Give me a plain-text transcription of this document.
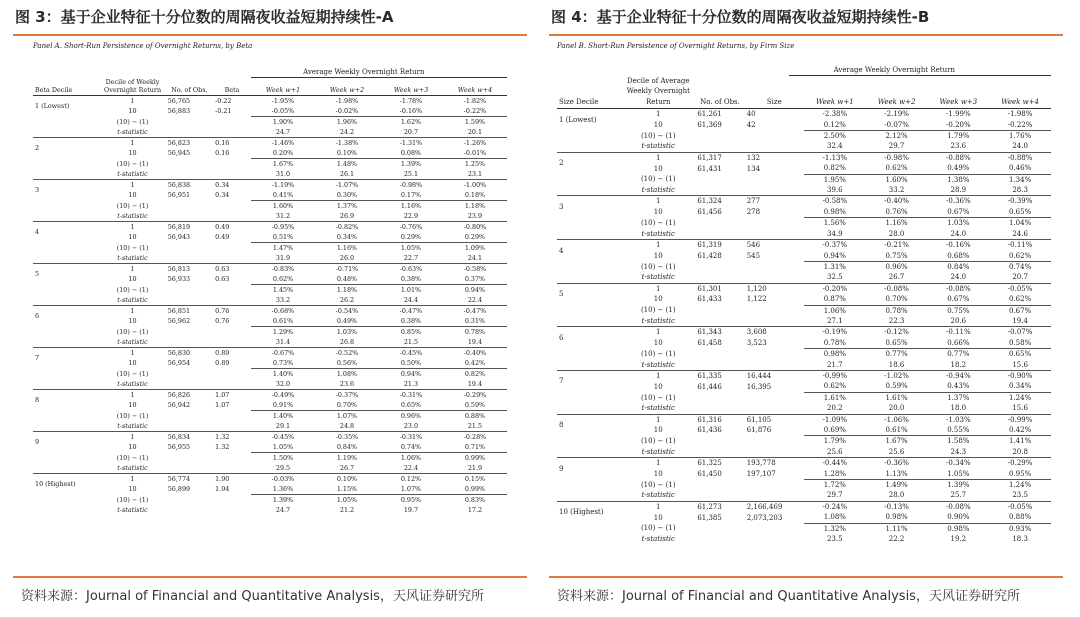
图 3：基于企业特征十分位数的周隔夜收益短期持续性-A
Panel A. Short-Run Persistence of Overnight Returns, by Beta
Average Weekly Overnight Return
Beta Decile	Decile of Weekly Overnight Return	No. of Obs.	Beta	Week w+1	Week w+2	Week w+3	Week w+4
1 (Lowest)	1	56,765	-0.22	-1.95%	-1.98%	-1.78%	-1.82%
	10	56,883	-0.21	-0.05%	-0.02%	-0.16%	-0.22%
	(10) − (1)			1.90%	1.96%	1.62%	1.59%
	t-statistic			24.7	24.2	20.7	20.1
2	1	56,823	0.16	-1.46%	-1.38%	-1.31%	-1.26%
	10	56,945	0.16	0.20%	0.10%	0.08%	-0.01%
	(10) − (1)			1.67%	1.48%	1.39%	1.25%
	t-statistic			31.0	26.1	25.1	23.1
3	1	56,838	0.34	-1.19%	-1.07%	-0.98%	-1.00%
	10	56,951	0.34	0.41%	0.30%	0.17%	0.18%
	(10) − (1)			1.60%	1.37%	1.16%	1.18%
	t-statistic			31.2	26.9	22.9	23.9
4	1	56,819	0.49	-0.95%	-0.82%	-0.76%	-0.80%
	10	56,943	0.49	0.51%	0.34%	0.29%	0.29%
	(10) − (1)			1.47%	1.16%	1.05%	1.09%
	t-statistic			31.9	26.0	22.7	24.1
5	1	56,813	0.63	-0.83%	-0.71%	-0.63%	-0.58%
	10	56,933	0.63	0.62%	0.48%	0.38%	0.37%
	(10) − (1)			1.45%	1.18%	1.01%	0.94%
	t-statistic			33.2	26.2	24.4	22.4
6	1	56,851	0.76	-0.68%	-0.54%	-0.47%	-0.47%
	10	56,962	0.76	0.61%	0.49%	0.38%	0.31%
	(10) − (1)			1.29%	1.03%	0.85%	0.78%
	t-statistic			31.4	26.8	21.5	19.4
7	1	56,830	0.89	-0.67%	-0.52%	-0.45%	-0.40%
	10	56,954	0.89	0.73%	0.56%	0.50%	0.42%
	(10) − (1)			1.40%	1.08%	0.94%	0.82%
	t-statistic			32.0	23.6	21.3	19.4
8	1	56,826	1.07	-0.49%	-0.37%	-0.31%	-0.29%
	10	56,942	1.07	0.91%	0.70%	0.65%	0.59%
	(10) − (1)			1.40%	1.07%	0.96%	0.88%
	t-statistic			29.1	24.8	23.0	21.5
9	1	56,834	1.32	-0.45%	-0.35%	-0.31%	-0.28%
	10	56,955	1.32	1.05%	0.84%	0.74%	0.71%
	(10) − (1)			1.50%	1.19%	1.06%	0.99%
	t-statistic			29.5	26.7	22.4	21.9
10 (Highest)	1	56,774	1.90	-0.03%	0.10%	0.12%	0.15%
	10	56,899	1.94	1.36%	1.15%	1.07%	0.99%
	(10) − (1)			1.39%	1.05%	0.95%	0.83%
	t-statistic			24.7	21.2	19.7	17.2
资料来源：Journal of Financial and Quantitative Analysis，天风证券研究所
图 4：基于企业特征十分位数的周隔夜收益短期持续性-B
Panel B. Short-Run Persistence of Overnight Returns, by Firm Size
Average Weekly Overnight Return
Size Decile	Decile of Average Weekly Overnight Return	No. of Obs.	Size	Week w+1	Week w+2	Week w+3	Week w+4
1 (Lowest)	1	61,261	40	-2.38%	-2.19%	-1.99%	-1.98%
	10	61,369	42	0.12%	-0.07%	-0.20%	-0.22%
	(10) − (1)			2.50%	2.12%	1.79%	1.76%
	t-statistic			32.4	29.7	23.6	24.0
2	1	61,317	132	-1.13%	-0.98%	-0.88%	-0.88%
	10	61,431	134	0.82%	0.62%	0.49%	0.46%
	(10) − (1)			1.95%	1.60%	1.38%	1.34%
	t-statistic			39.6	33.2	28.9	28.3
3	1	61,324	277	-0.58%	-0.40%	-0.36%	-0.39%
	10	61,456	278	0.98%	0.76%	0.67%	0.65%
	(10) − (1)			1.56%	1.16%	1.03%	1.04%
	t-statistic			34.9	28.0	24.0	24.6
4	1	61,319	546	-0.37%	-0.21%	-0.16%	-0.11%
	10	61,428	545	0.94%	0.75%	0.68%	0.62%
	(10) − (1)			1.31%	0.96%	0.84%	0.74%
	t-statistic			32.5	26.7	24.0	20.7
5	1	61,301	1,120	-0.20%	-0.08%	-0.08%	-0.05%
	10	61,433	1,122	0.87%	0.70%	0.67%	0.62%
	(10) − (1)			1.06%	0.78%	0.75%	0.67%
	t-statistic			27.1	22.3	20.6	19.4
6	1	61,343	3,608	-0.19%	-0.12%	-0.11%	-0.07%
	10	61,458	3,523	0.78%	0.65%	0.66%	0.58%
	(10) − (1)			0.98%	0.77%	0.77%	0.65%
	t-statistic			21.7	18.6	18.2	15.6
7	1	61,335	16,444	-0.99%	-1.02%	-0.94%	-0.90%
	10	61,446	16,395	0.62%	0.59%	0.43%	0.34%
	(10) − (1)			1.61%	1.61%	1.37%	1.24%
	t-statistic			20.2	20.0	18.0	15.6
8	1	61,316	61,105	-1.09%	-1.06%	-1.03%	-0.99%
	10	61,436	61,876	0.69%	0.61%	0.55%	0.42%
	(10) − (1)			1.79%	1.67%	1.58%	1.41%
	t-statistic			25.6	25.6	24.3	20.8
9	1	61,325	193,778	-0.44%	-0.36%	-0.34%	-0.29%
	10	61,450	197,107	1.28%	1.13%	1.05%	0.95%
	(10) − (1)			1.72%	1.49%	1.39%	1.24%
	t-statistic			29.7	28.0	25.7	23.5
10 (Highest)	1	61,273	2,166,469	-0.24%	-0.13%	-0.08%	-0.05%
	10	61,385	2,073,203	1.08%	0.98%	0.90%	0.88%
	(10) − (1)			1.32%	1.11%	0.98%	0.93%
	t-statistic			23.5	22.2	19.2	18.3
资料来源：Journal of Financial and Quantitative Analysis，天风证券研究所
